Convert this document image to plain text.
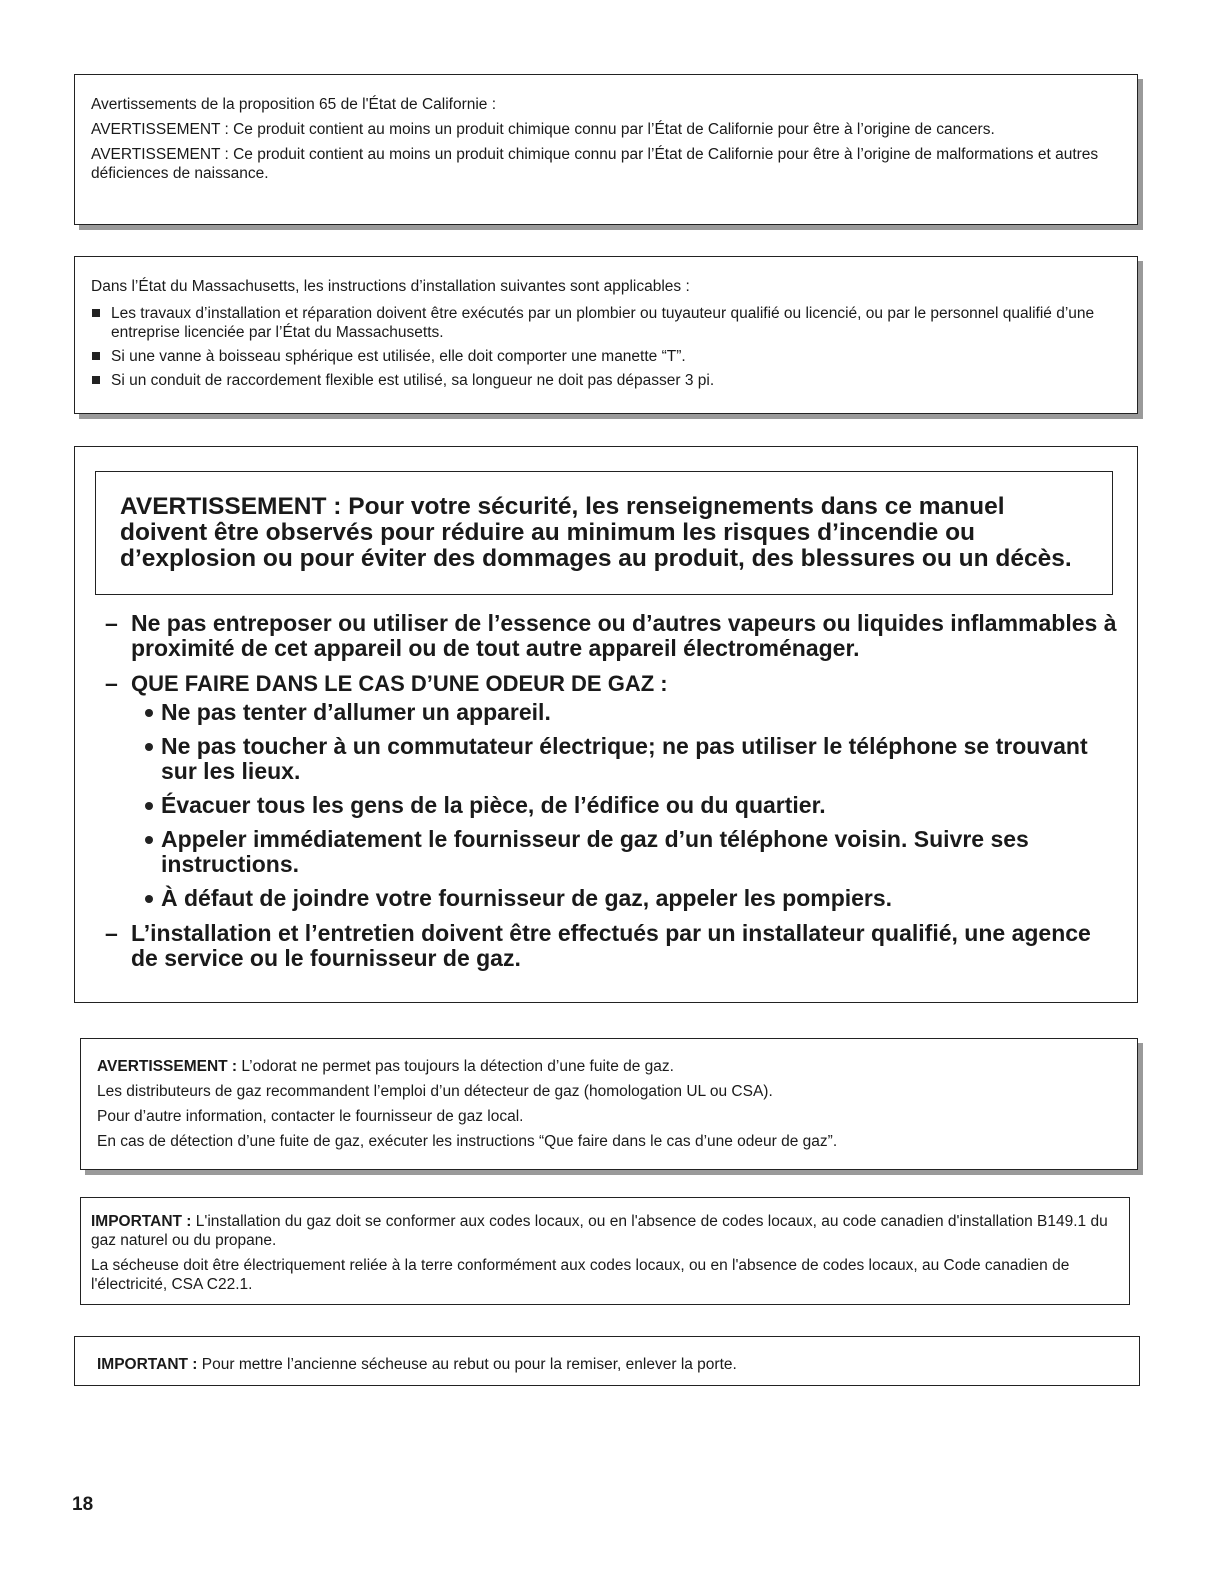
Avertissements de la proposition 65 de l'État de Californie :

AVERTISSEMENT : Ce produit contient au moins un produit chimique connu par l’État de Californie pour être à l’origine de cancers.

AVERTISSEMENT : Ce produit contient au moins un produit chimique connu par l’État de Californie pour être à l’origine de malformations et autres déficiences de naissance.

Dans l’État du Massachusetts, les instructions d’installation suivantes sont applicables :

Les travaux d’installation et réparation doivent être exécutés par un plombier ou tuyauteur qualifié ou licencié, ou par le personnel qualifié d’une entreprise licenciée par l’État du Massachusetts.
Si une vanne à boisseau sphérique est utilisée, elle doit comporter une manette “T”.
Si un conduit de raccordement flexible est utilisé, sa longueur ne doit pas dépasser 3 pi.
AVERTISSEMENT : Pour votre sécurité, les renseignements dans ce manuel doivent être observés pour réduire au minimum les risques d’incendie ou d’explosion ou pour éviter des dommages au produit, des blessures ou un décès.
– Ne pas entreposer ou utiliser de l’essence ou d’autres vapeurs ou liquides inflammables à proximité de cet appareil ou de tout autre appareil électroménager.
– QUE FAIRE DANS LE CAS D’UNE ODEUR DE GAZ :
Ne pas tenter d’allumer un appareil.
Ne pas toucher à un commutateur électrique; ne pas utiliser le téléphone se trouvant sur les lieux.
Évacuer tous les gens de la pièce, de l’édifice ou du quartier.
Appeler immédiatement le fournisseur de gaz d’un téléphone voisin. Suivre ses instructions.
À défaut de joindre votre fournisseur de gaz, appeler les pompiers.
– L’installation et l’entretien doivent être effectués par un installateur qualifié, une agence de service ou le fournisseur de gaz.

AVERTISSEMENT : L’odorat ne permet pas toujours la détection d’une fuite de gaz.

Les distributeurs de gaz recommandent l’emploi d’un détecteur de gaz (homologation UL ou CSA).

Pour d’autre information, contacter le fournisseur de gaz local.

En cas de détection d’une fuite de gaz, exécuter les instructions “Que faire dans le cas d’une odeur de gaz”.

IMPORTANT : L'installation du gaz doit se conformer aux codes locaux, ou en l'absence de codes locaux, au code canadien d'installation B149.1 du gaz naturel ou du propane.

La sécheuse doit être électriquement reliée à la terre conformément aux codes locaux, ou en l'absence de codes locaux, au Code canadien de l'électricité, CSA C22.1.

IMPORTANT : Pour mettre l’ancienne sécheuse au rebut ou pour la remiser, enlever la porte.

18
